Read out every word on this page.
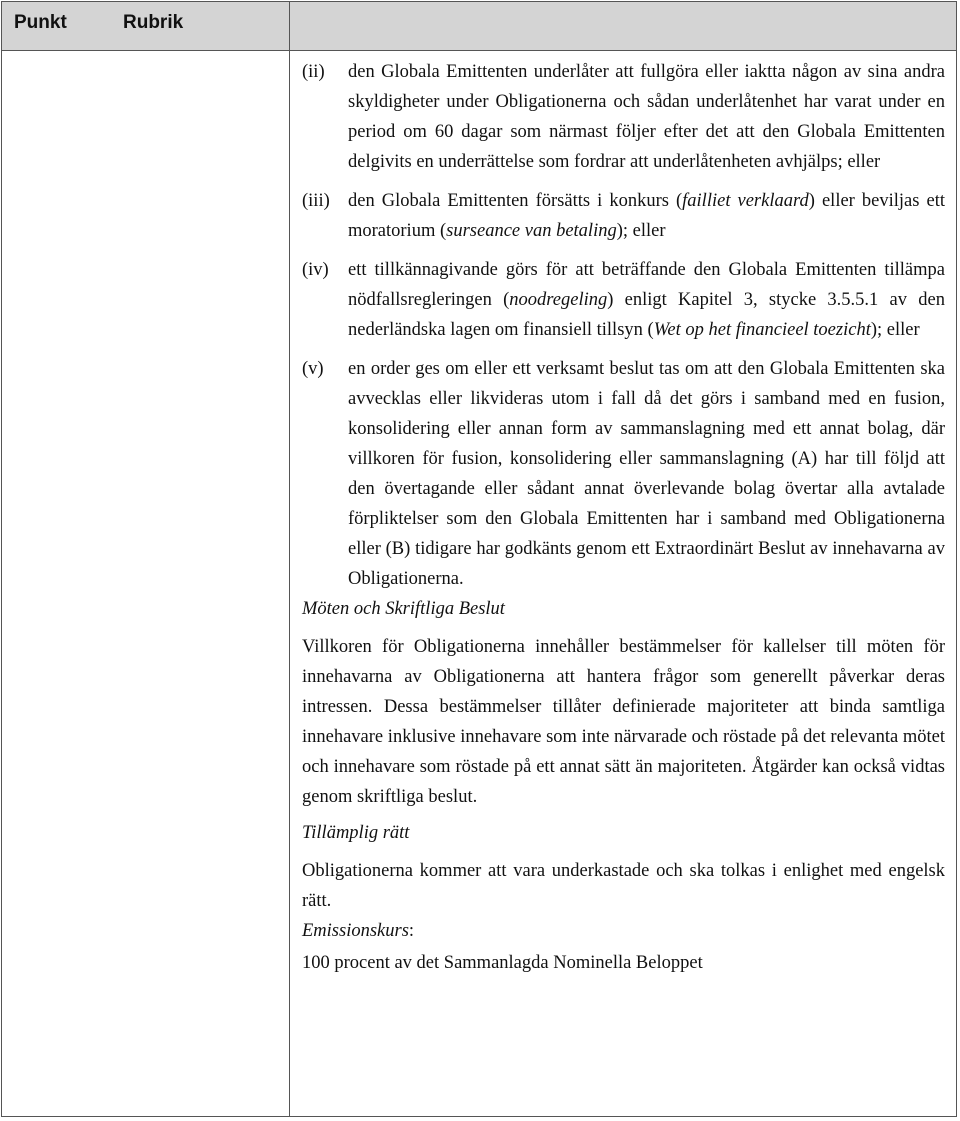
Punkt	Rubrik
(ii) den Globala Emittenten underlåter att fullgöra eller iaktta någon av sina andra skyldigheter under Obligationerna och sådan underlåtenhet har varat under en period om 60 dagar som närmast följer efter det att den Globala Emittenten delgivits en underrättelse som fordrar att underlåtenheten avhjälps; eller
(iii) den Globala Emittenten försätts i konkurs (failliet verklaard) eller beviljas ett moratorium (surseance van betaling); eller
(iv) ett tillkännagivande görs för att beträffande den Globala Emittenten tillämpa nödfallsregleringen (noodregeling) enligt Kapitel 3, stycke 3.5.5.1 av den nederländska lagen om finansiell tillsyn (Wet op het financieel toezicht); eller
(v) en order ges om eller ett verksamt beslut tas om att den Globala Emittenten ska avvecklas eller likvideras utom i fall då det görs i samband med en fusion, konsolidering eller annan form av sammanslagning med ett annat bolag, där villkoren för fusion, konsolidering eller sammanslagning (A) har till följd att den övertagande eller sådant annat överlevande bolag övertar alla avtalade förpliktelser som den Globala Emittenten har i samband med Obligationerna eller (B) tidigare har godkänts genom ett Extraordinärt Beslut av innehavarna av Obligationerna.
Möten och Skriftliga Beslut
Villkoren för Obligationerna innehåller bestämmelser för kallelser till möten för innehavarna av Obligationerna att hantera frågor som generellt påverkar deras intressen. Dessa bestämmelser tillåter definierade majoriteter att binda samtliga innehavare inklusive innehavare som inte närvarade och röstade på det relevanta mötet och innehavare som röstade på ett annat sätt än majoriteten. Åtgärder kan också vidtas genom skriftliga beslut.
Tillämplig rätt
Obligationerna kommer att vara underkastade och ska tolkas i enlighet med engelsk rätt.
Emissionskurs:
100 procent av det Sammanlagda Nominella Beloppet
